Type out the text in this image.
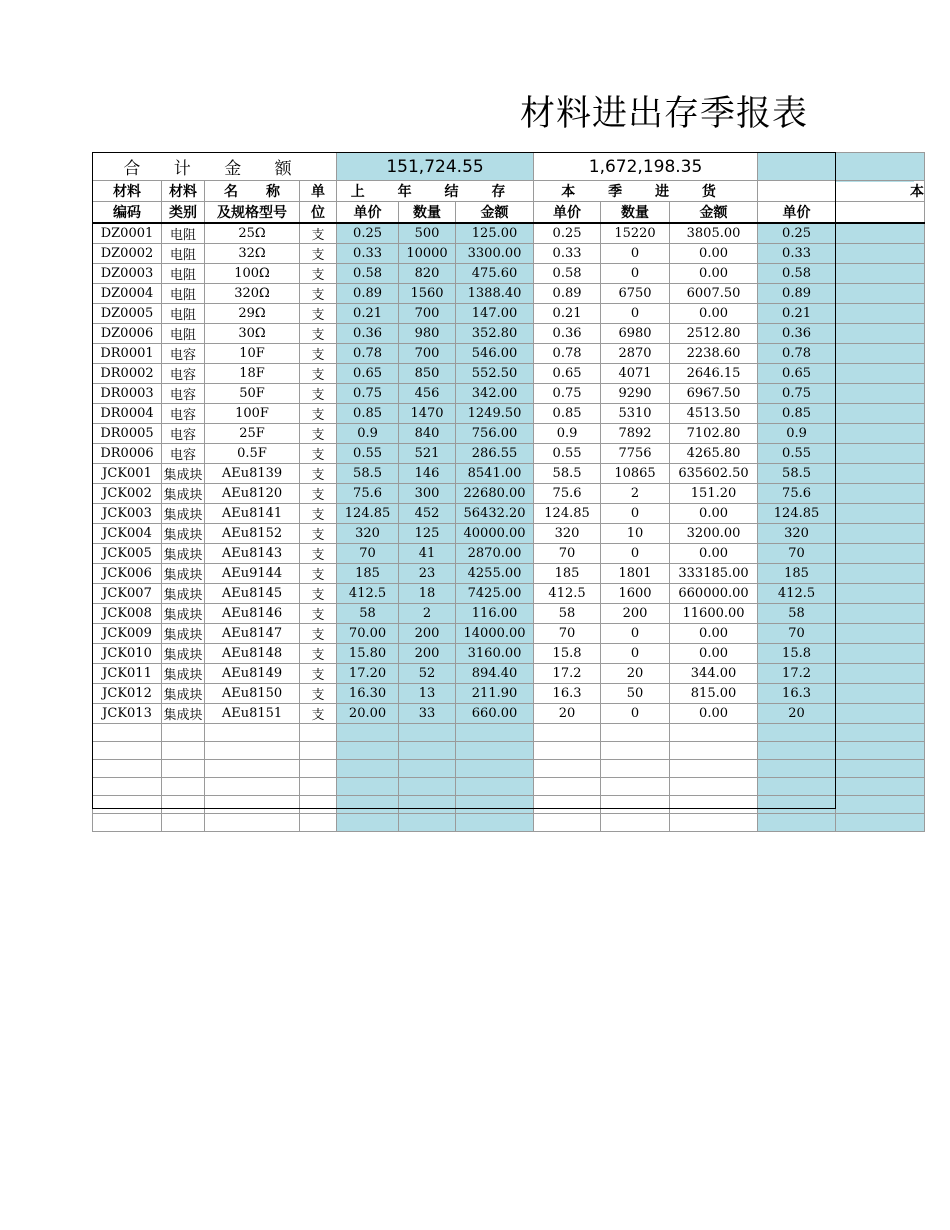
材料进出存季报表
合 计 金 额				151,724.55			1,672,198.35				
材料	材料	名　　称	单	上 年 结 存			本 季 进 货			本	
编码	类别	及规格型号	位	单价	数量	金额	单价	数量	金额	单价	
DZ0001	电阻	25Ω	支	0.25	500	125.00	0.25	15220	3805.00	0.25	
DZ0002	电阻	32Ω	支	0.33	10000	3300.00	0.33	0	0.00	0.33	
DZ0003	电阻	100Ω	支	0.58	820	475.60	0.58	0	0.00	0.58	
DZ0004	电阻	320Ω	支	0.89	1560	1388.40	0.89	6750	6007.50	0.89	
DZ0005	电阻	29Ω	支	0.21	700	147.00	0.21	0	0.00	0.21	
DZ0006	电阻	30Ω	支	0.36	980	352.80	0.36	6980	2512.80	0.36	
DR0001	电容	10F	支	0.78	700	546.00	0.78	2870	2238.60	0.78	
DR0002	电容	18F	支	0.65	850	552.50	0.65	4071	2646.15	0.65	
DR0003	电容	50F	支	0.75	456	342.00	0.75	9290	6967.50	0.75	
DR0004	电容	100F	支	0.85	1470	1249.50	0.85	5310	4513.50	0.85	
DR0005	电容	25F	支	0.9	840	756.00	0.9	7892	7102.80	0.9	
DR0006	电容	0.5F	支	0.55	521	286.55	0.55	7756	4265.80	0.55	
JCK001	集成块	AEu8139	支	58.5	146	8541.00	58.5	10865	635602.50	58.5	
JCK002	集成块	AEu8120	支	75.6	300	22680.00	75.6	2	151.20	75.6	
JCK003	集成块	AEu8141	支	124.85	452	56432.20	124.85	0	0.00	124.85	
JCK004	集成块	AEu8152	支	320	125	40000.00	320	10	3200.00	320	
JCK005	集成块	AEu8143	支	70	41	2870.00	70	0	0.00	70	
JCK006	集成块	AEu9144	支	185	23	4255.00	185	1801	333185.00	185	
JCK007	集成块	AEu8145	支	412.5	18	7425.00	412.5	1600	660000.00	412.5	
JCK008	集成块	AEu8146	支	58	2	116.00	58	200	11600.00	58	
JCK009	集成块	AEu8147	支	70.00	200	14000.00	70	0	0.00	70	
JCK010	集成块	AEu8148	支	15.80	200	3160.00	15.8	0	0.00	15.8	
JCK011	集成块	AEu8149	支	17.20	52	894.40	17.2	20	344.00	17.2	
JCK012	集成块	AEu8150	支	16.30	13	211.90	16.3	50	815.00	16.3	
JCK013	集成块	AEu8151	支	20.00	33	660.00	20	0	0.00	20	
